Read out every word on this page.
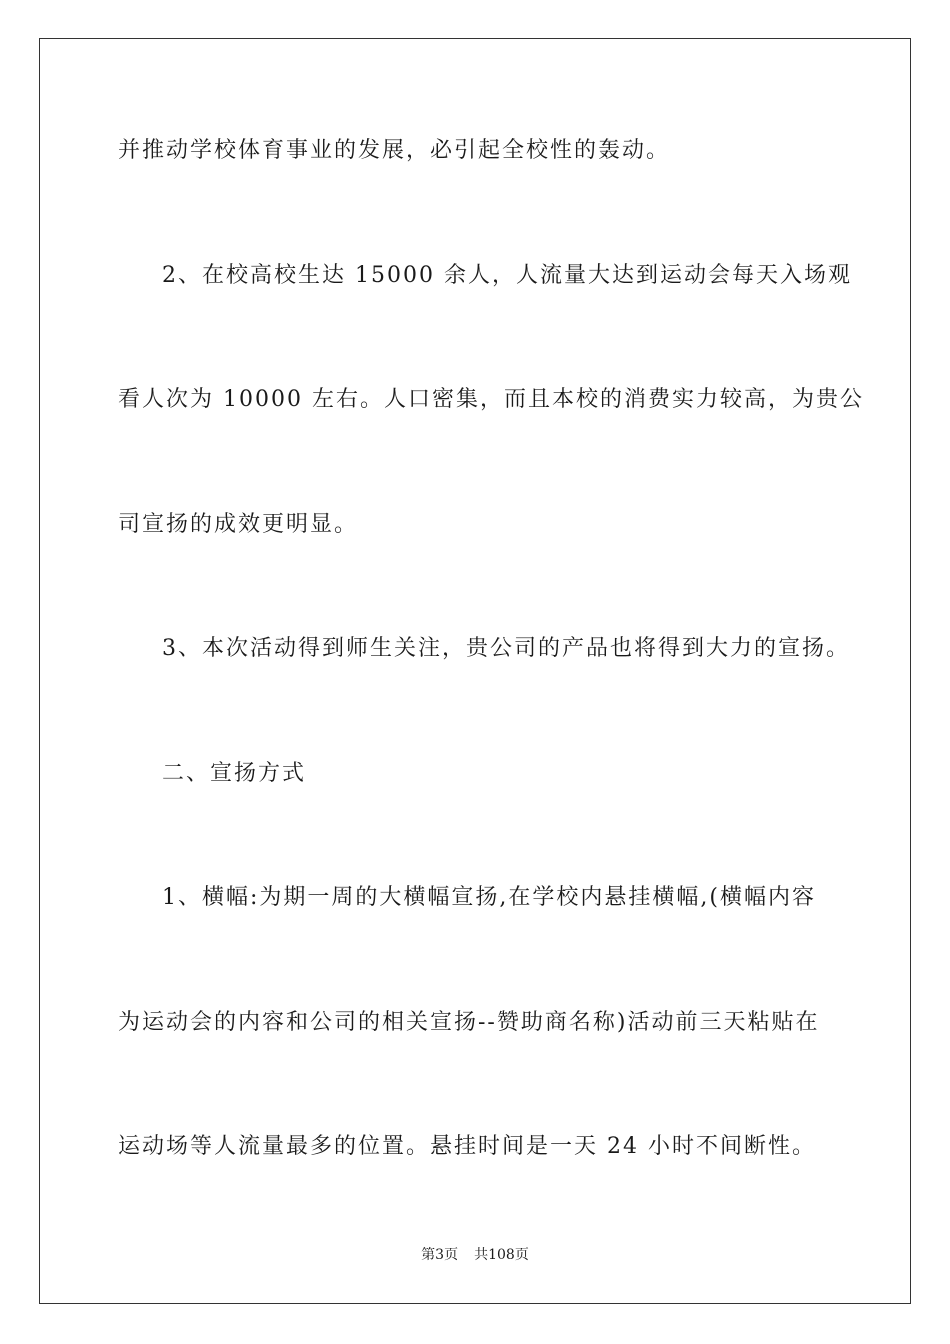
并推动学校体育事业的发展，必引起全校性的轰动。
2、在校高校生达 15000 余人，人流量大达到运动会每天入场观
看人次为 10000 左右。人口密集，而且本校的消费实力较高，为贵公
司宣扬的成效更明显。
3、本次活动得到师生关注，贵公司的产品也将得到大力的宣扬。
二、宣扬方式
1、横幅:为期一周的大横幅宣扬,在学校内悬挂横幅,(横幅内容
为运动会的内容和公司的相关宣扬--赞助商名称)活动前三天粘贴在
运动场等人流量最多的位置。悬挂时间是一天 24 小时不间断性。
第3页 共108页
